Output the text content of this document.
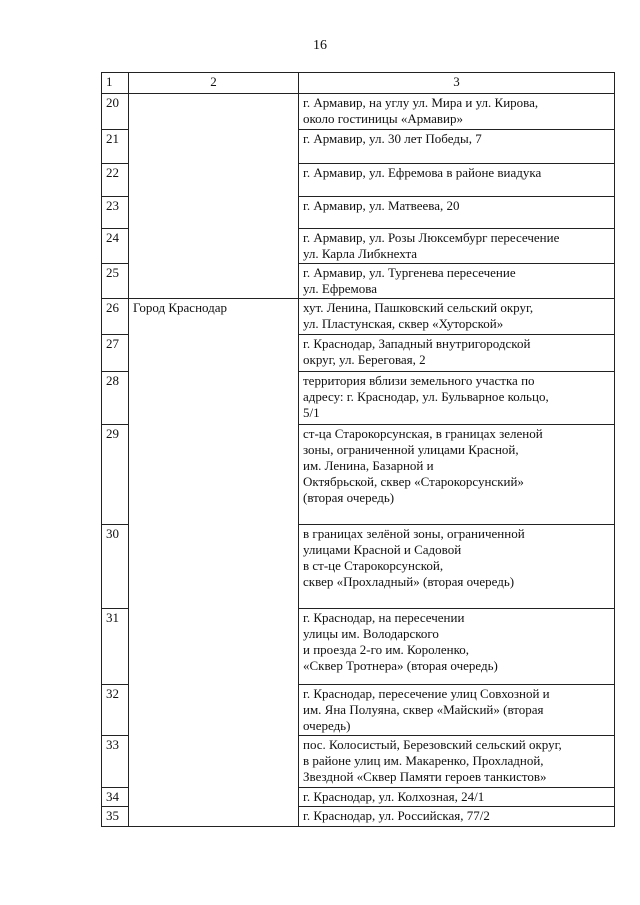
16
1	2	3
20		г. Армавир, на углу ул. Мира и ул. Кирова,
около гостиницы «Армавир»
21		г. Армавир, ул. 30 лет Победы, 7
22		г. Армавир, ул. Ефремова в районе виадука
23		г. Армавир, ул. Матвеева, 20
24		г. Армавир, ул. Розы Люксембург пересечение
ул. Карла Либкнехта
25		г. Армавир, ул. Тургенева пересечение
ул. Ефремова
26	Город Краснодар	хут. Ленина, Пашковский сельский округ,
ул. Пластунская, сквер «Хуторской»
27		г. Краснодар, Западный внутригородской
округ, ул. Береговая, 2
28		территория вблизи земельного участка по
адресу: г. Краснодар, ул. Бульварное кольцо,
5/1
29		ст-ца Старокорсунская, в границах зеленой
зоны, ограниченной улицами Красной,
им. Ленина, Базарной и
Октябрьской, сквер «Старокорсунский»
(вторая очередь)
30		в границах зелёной зоны, ограниченной
улицами Красной и Садовой
в ст-це Старокорсунской,
сквер «Прохладный» (вторая очередь)
31		г. Краснодар, на пересечении
улицы им. Володарского
и проезда 2-го им. Короленко,
«Сквер Тротнера» (вторая очередь)
32		г. Краснодар, пересечение улиц Совхозной и
им. Яна Полуяна, сквер «Майский» (вторая
очередь)
33		пос. Колосистый, Березовский сельский округ,
в районе улиц им. Макаренко, Прохладной,
Звездной «Сквер Памяти героев танкистов»
34		г. Краснодар, ул. Колхозная, 24/1
35		г. Краснодар, ул. Российская, 77/2
